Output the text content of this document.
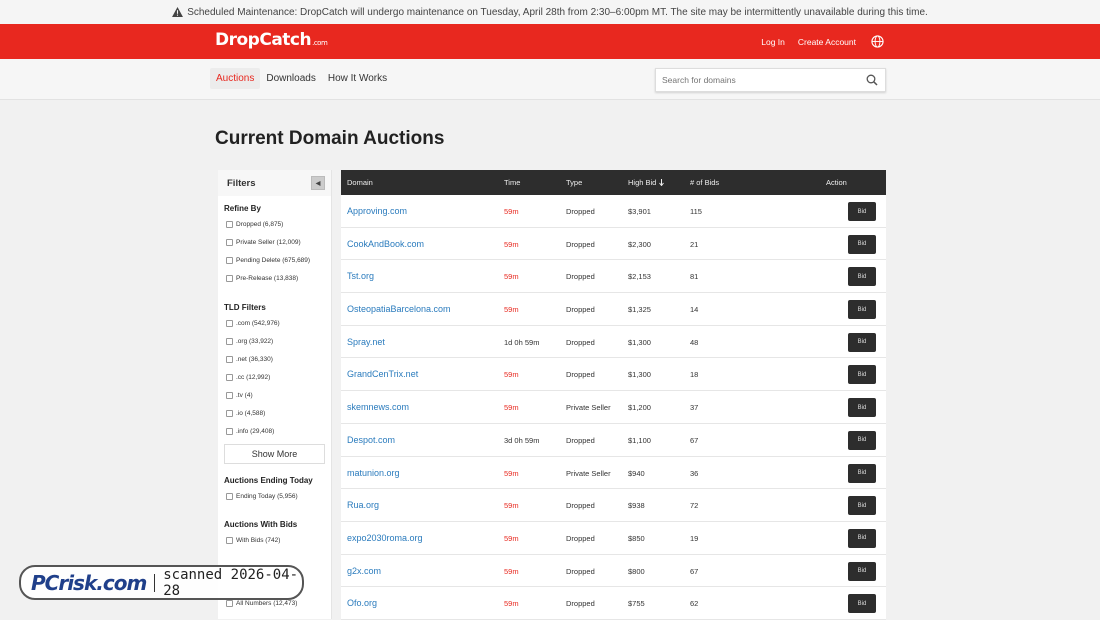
Scheduled Maintenance: DropCatch will undergo maintenance on Tuesday, April 28th from 2:30–6:00pm MT. The site may be intermittently unavailable during this time.
DropCatch.com	Log In Create Account
Auctions	Downloads	How It Works
Search for domains
Current Domain Auctions
Filters	◀
Refine By
Dropped (6,875)
Private Seller (12,009)
Pending Delete (675,689)
Pre-Release (13,838)
TLD Filters
.com (542,976)
.org (33,922)
.net (36,330)
.cc (12,992)
.tv (4)
.io (4,588)
.info (29,408)
Show More
Auctions Ending Today
Ending Today (5,956)
Auctions With Bids
With Bids (742)
All Numbers (12,473)
Domain	Time	Type	High Bid	# of Bids	Action
Approving.com	59m	Dropped	$3,901	115	Bid
CookAndBook.com	59m	Dropped	$2,300	21	Bid
Tst.org	59m	Dropped	$2,153	81	Bid
OsteopatiaBarcelona.com	59m	Dropped	$1,325	14	Bid
Spray.net	1d 0h 59m	Dropped	$1,300	48	Bid
GrandCenTrix.net	59m	Dropped	$1,300	18	Bid
skemnews.com	59m	Private Seller $1,200	37	Bid
Despot.com	3d 0h 59m	Dropped	$1,100	67	Bid
matunion.org	59m	Private Seller $940	36	Bid
Rua.org	59m	Dropped	$938	72	Bid
expo2030roma.org	59m	Dropped	$850	19	Bid
g2x.com	59m	Dropped	$800	67	Bid
Ofo.org	59m	Dropped	$755	62	Bid
PCrisk.com scanned 2026-04-28
